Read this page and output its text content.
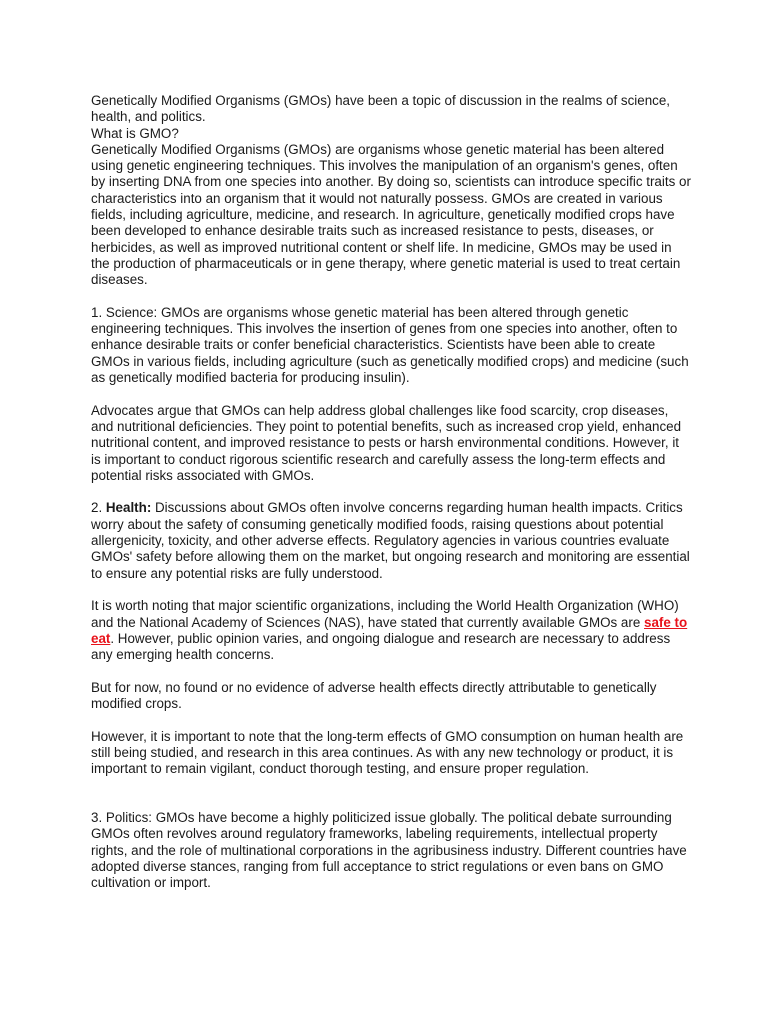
Genetically Modified Organisms (GMOs) have been a topic of discussion in the realms of science, health, and politics.

What is GMO?

Genetically Modified Organisms (GMOs) are organisms whose genetic material has been altered using genetic engineering techniques. This involves the manipulation of an organism's genes, often by inserting DNA from one species into another. By doing so, scientists can introduce specific traits or characteristics into an organism that it would not naturally possess. GMOs are created in various fields, including agriculture, medicine, and research. In agriculture, genetically modified crops have been developed to enhance desirable traits such as increased resistance to pests, diseases, or herbicides, as well as improved nutritional content or shelf life. In medicine, GMOs may be used in the production of pharmaceuticals or in gene therapy, where genetic material is used to treat certain diseases.

1. Science: GMOs are organisms whose genetic material has been altered through genetic engineering techniques. This involves the insertion of genes from one species into another, often to enhance desirable traits or confer beneficial characteristics. Scientists have been able to create GMOs in various fields, including agriculture (such as genetically modified crops) and medicine (such as genetically modified bacteria for producing insulin).

Advocates argue that GMOs can help address global challenges like food scarcity, crop diseases, and nutritional deficiencies. They point to potential benefits, such as increased crop yield, enhanced nutritional content, and improved resistance to pests or harsh environmental conditions. However, it is important to conduct rigorous scientific research and carefully assess the long-term effects and potential risks associated with GMOs.

2. Health: Discussions about GMOs often involve concerns regarding human health impacts. Critics worry about the safety of consuming genetically modified foods, raising questions about potential allergenicity, toxicity, and other adverse effects. Regulatory agencies in various countries evaluate GMOs' safety before allowing them on the market, but ongoing research and monitoring are essential to ensure any potential risks are fully understood.

It is worth noting that major scientific organizations, including the World Health Organization (WHO) and the National Academy of Sciences (NAS), have stated that currently available GMOs are safe to eat. However, public opinion varies, and ongoing dialogue and research are necessary to address any emerging health concerns.

But for now, no found or no evidence of adverse health effects directly attributable to genetically modified crops.

However, it is important to note that the long-term effects of GMO consumption on human health are still being studied, and research in this area continues. As with any new technology or product, it is important to remain vigilant, conduct thorough testing, and ensure proper regulation.

3. Politics: GMOs have become a highly politicized issue globally. The political debate surrounding GMOs often revolves around regulatory frameworks, labeling requirements, intellectual property rights, and the role of multinational corporations in the agribusiness industry. Different countries have adopted diverse stances, ranging from full acceptance to strict regulations or even bans on GMO cultivation or import.
